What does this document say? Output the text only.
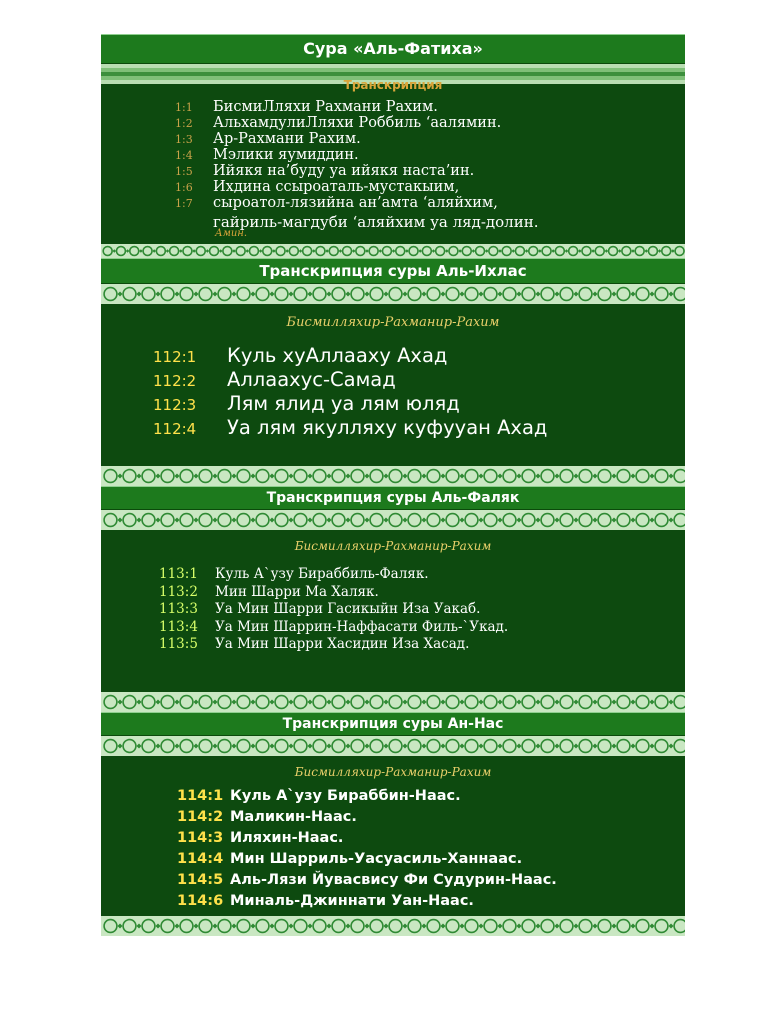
Сура «Аль-Фатиха»
Транскрипция
1:1 БисмиЛляхи Рахмани Рахим.
1:2 АльхамдулиЛляхи Роббиль ‘аалямин.
1:3 Ар-Рахмани Рахим.
1:4 Мэлики яумиддин.
1:5 Ийякя на’буду уа ийякя наста’ин.
1:6 Ихдина ссыроаталь-мустакыим,
1:7 сыроатол-лязийна ан’амта ‘аляйхим,
гайриль-магдуби ‘аляйхим уа ляд-долин.
Амин.
Транскрипция суры Аль-Ихлас
Бисмилляхир-Рахманир-Рахим
112:1 Куль хуАллааху Ахад
112:2 Аллаахус-Самад
112:3 Лям ялид уа лям юляд
112:4 Уа лям якулляху куфууан Ахад
Транскрипция суры Аль-Фаляк
Бисмилляхир-Рахманир-Рахим
113:1 Куль А`узу Бираббиль-Фаляк.
113:2 Мин Шарри Ма Халяк.
113:3 Уа Мин Шарри Гасикыйн Иза Уакаб.
113:4 Уа Мин Шаррин-Наффасати Филь-`Укад.
113:5 Уа Мин Шарри Хасидин Иза Хасад.
Транскрипция суры Ан-Нас
Бисмилляхир-Рахманир-Рахим
114:1 Куль А`узу Бираббин-Наас.
114:2 Маликин-Наас.
114:3 Иляхин-Наас.
114:4 Мин Шарриль-Уасуасиль-Ханнаас.
114:5 Аль-Лязи Йувасвису Фи Судурин-Наас.
114:6 Миналь-Джиннати Уан-Наас.
